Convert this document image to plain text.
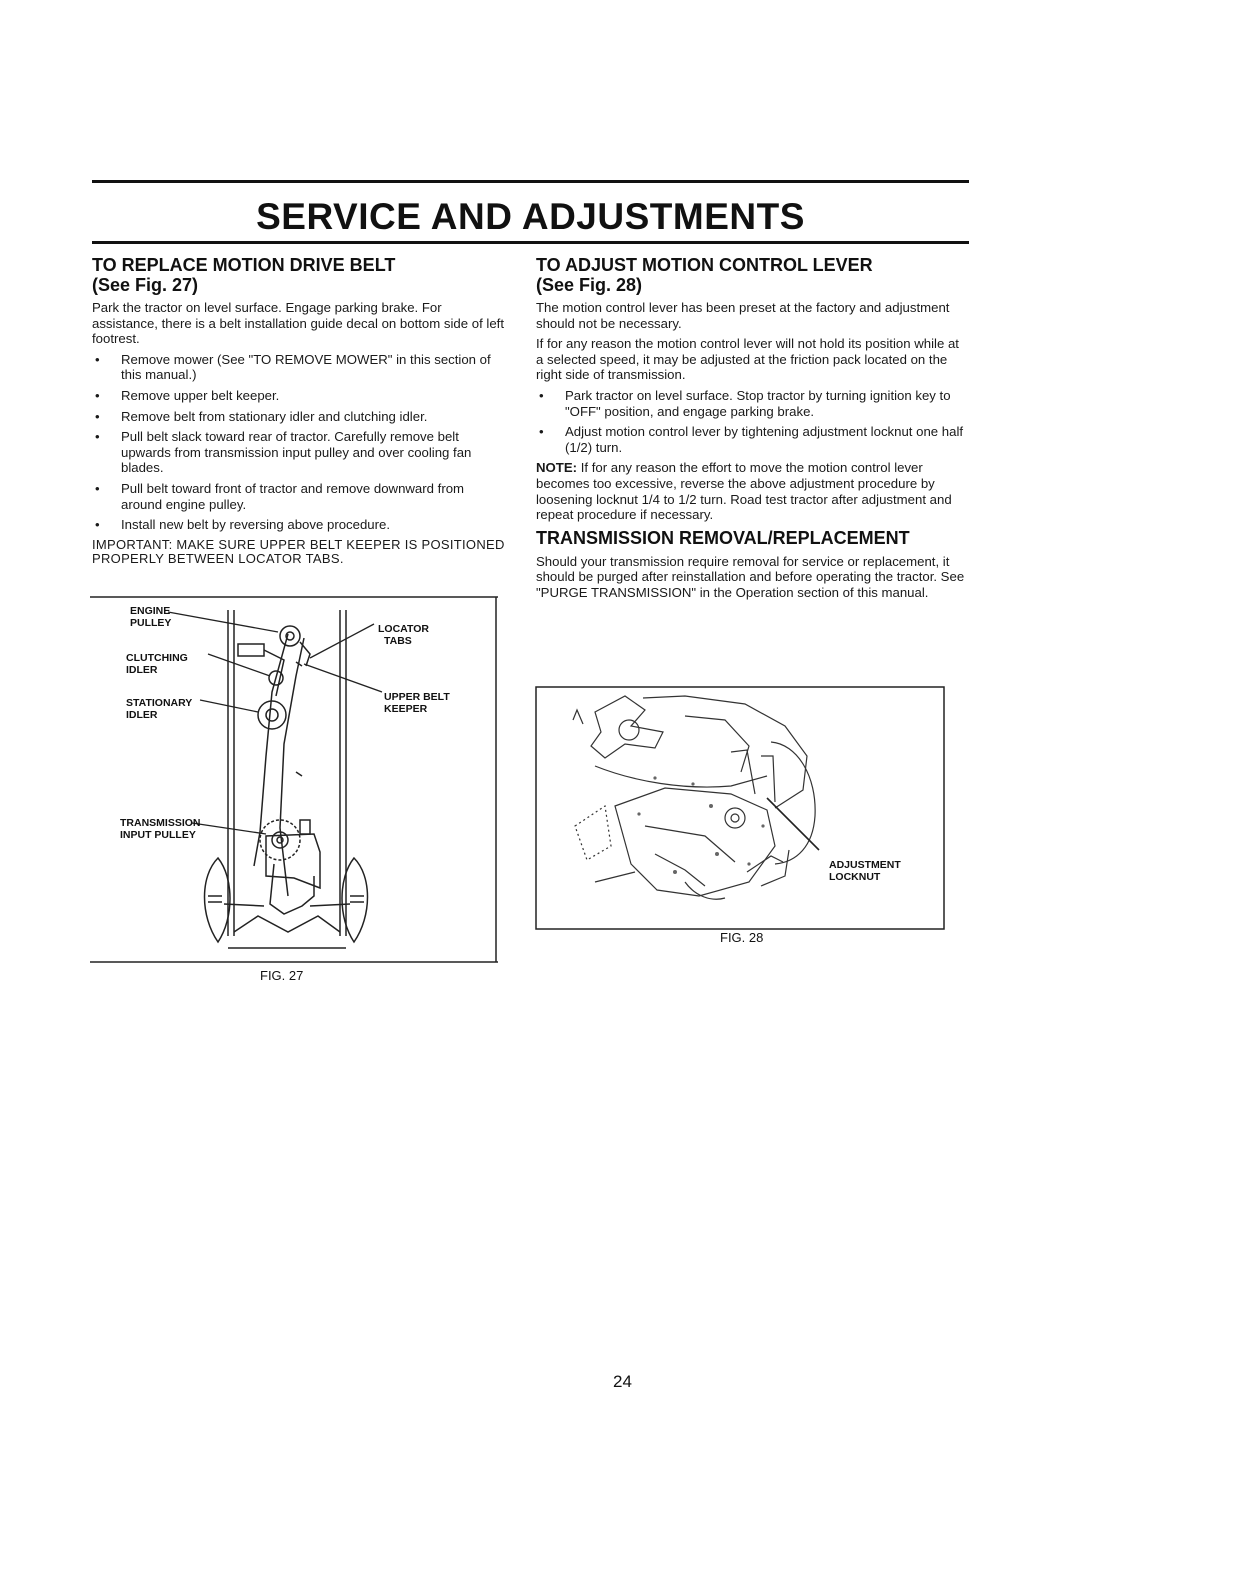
SERVICE AND ADJUSTMENTS
TO REPLACE MOTION DRIVE BELT
(See Fig. 27)

Park the tractor on level surface. Engage parking brake. For assistance, there is a belt installation guide decal on bottom side of left footrest.

• Remove mower (See "TO REMOVE MOWER" in this section of this manual.)
• Remove upper belt keeper.
• Remove belt from stationary idler and clutching idler.
• Pull belt slack toward rear of tractor. Carefully remove belt upwards from transmission input pulley and over cooling fan blades.
• Pull belt toward front of tractor and remove downward from around engine pulley.
• Install new belt by reversing above procedure.

IMPORTANT: MAKE SURE UPPER BELT KEEPER IS POSITIONED PROPERLY BETWEEN LOCATOR TABS.

ENGINE
PULLEY
CLUTCHING
IDLER
STATIONARY
IDLER
TRANSMISSION
INPUT PULLEY
LOCATOR
TABS
UPPER BELT
KEEPER
FIG. 27
TO ADJUST MOTION CONTROL LEVER
(See Fig. 28)

The motion control lever has been preset at the factory and adjustment should not be necessary.

If for any reason the motion control lever will not hold its position while at a selected speed, it may be adjusted at the friction pack located on the right side of transmission.

• Park tractor on level surface. Stop tractor by turning ignition key to "OFF" position, and engage parking brake.
• Adjust motion control lever by tightening adjustment locknut one half (1/2) turn.

NOTE: If for any reason the effort to move the motion control lever becomes too excessive, reverse the above adjustment procedure by loosening locknut 1/4 to 1/2 turn. Road test tractor after adjustment and repeat procedure if necessary.

TRANSMISSION REMOVAL/REPLACEMENT

Should your transmission require removal for service or replacement, it should be purged after reinstallation and before operating the tractor. See "PURGE TRANSMISSION" in the Operation section of this manual.

ADJUSTMENT
LOCKNUT
FIG. 28
24
